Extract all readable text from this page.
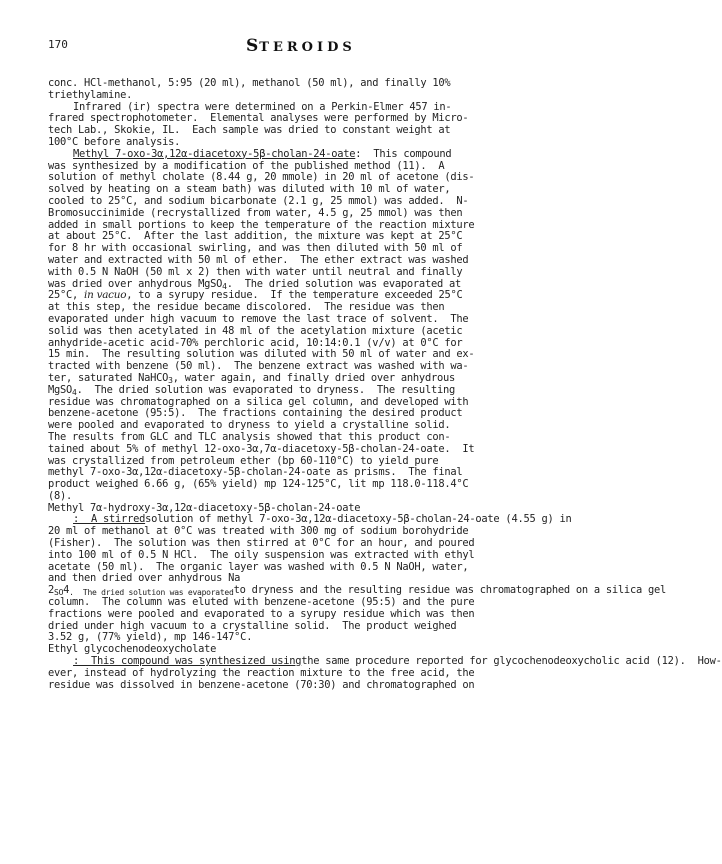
170	STEROIDS

conc. HCl-methanol, 5:95 (20 ml), methanol (50 ml), and finally 10%
triethylamine.

Infrared (ir) spectra were determined on a Perkin-Elmer 457 in-
frared spectrophotometer.  Elemental analyses were performed by Micro-
tech Lab., Skokie, IL.  Each sample was dried to constant weight at
100°C before analysis.

Methyl 7-oxo-3α,12α-diacetoxy-5β-cholan-24-oate:  This compound
was synthesized by a modification of the published method (11).  A
solution of methyl cholate (8.44 g, 20 mmole) in 20 ml of acetone (dis-
solved by heating on a steam bath) was diluted with 10 ml of water,
cooled to 25°C, and sodium bicarbonate (2.1 g, 25 mmol) was added.  N-
Bromosuccinimide (recrystallized from water, 4.5 g, 25 mmol) was then
added in small portions to keep the temperature of the reaction mixture
at about 25°C.  After the last addition, the mixture was kept at 25°C
for 8 hr with occasional swirling, and was then diluted with 50 ml of
water and extracted with 50 ml of ether.  The ether extract was washed
with 0.5 N NaOH (50 ml x 2) then with water until neutral and finally
was dried over anhydrous MgSO$_4$.  The dried solution was evaporated at
25°C, in vacuo, to a syrupy residue.  If the temperature exceeded 25°C
at this step, the residue became discolored.  The residue was then
evaporated under high vacuum to remove the last trace of solvent.  The
solid was then acetylated in 48 ml of the acetylation mixture (acetic
anhydride-acetic acid-70% perchloric acid, 10:14:0.1 (v/v) at 0°C for
15 min.  The resulting solution was diluted with 50 ml of water and ex-
tracted with benzene (50 ml).  The benzene extract was washed with wa-
ter, saturated NaHCO$_3$, water again, and finally dried over anhydrous
MgSO$_4$.  The dried solution was evaporated to dryness.  The resulting
residue was chromatographed on a silica gel column, and developed with
benzene-acetone (95:5).  The fractions containing the desired product
were pooled and evaporated to dryness to yield a crystalline solid.
The results from GLC and TLC analysis showed that this product con-
tained about 5% of methyl 12-oxo-3α,7α-diacetoxy-5β-cholan-24-oate.  It
was crystallized from petroleum ether (bp 60-110°C) to yield pure
methyl 7-oxo-3α,12α-diacetoxy-5β-cholan-24-oate as prisms.  The final
product weighed 6.66 g, (65% yield) mp 124-125°C, lit mp 118.0-118.4°C
(8).
Methyl 7α-hydroxy-3α,12α-diacetoxy-5β-cholan-24-oate

:  A stirredsolution of methyl 7-oxo-3α,12α-diacetoxy-5β-cholan-24-oate (4.55 g) in
20 ml of methanol at 0°C was treated with 300 mg of sodium borohydride
(Fisher).  The solution was then stirred at 0°C for an hour, and poured
into 100 ml of 0.5 N HCl.  The oily suspension was extracted with ethyl
acetate (50 ml).  The organic layer was washed with 0.5 N NaOH, water,
and then dried over anhydrous Na
$2_{SO}4_{. The dried solution was evaporated}to$ dryness and the resulting residue was chromatographed on a silica gel
column.  The column was eluted with benzene-acetone (95:5) and the pure
fractions were pooled and evaporated to a syrupy residue which was then
dried under high vacuum to a crystalline solid.  The product weighed
3.52 g, (77% yield), mp 146-147°C.
Ethyl glycochenodeoxycholate

:  This compound was synthesized usingthe same procedure reported for glycochenodeoxycholic acid (12).  How-
ever, instead of hydrolyzing the reaction mixture to the free acid, the
residue was dissolved in benzene-acetone (70:30) and chromatographed on
